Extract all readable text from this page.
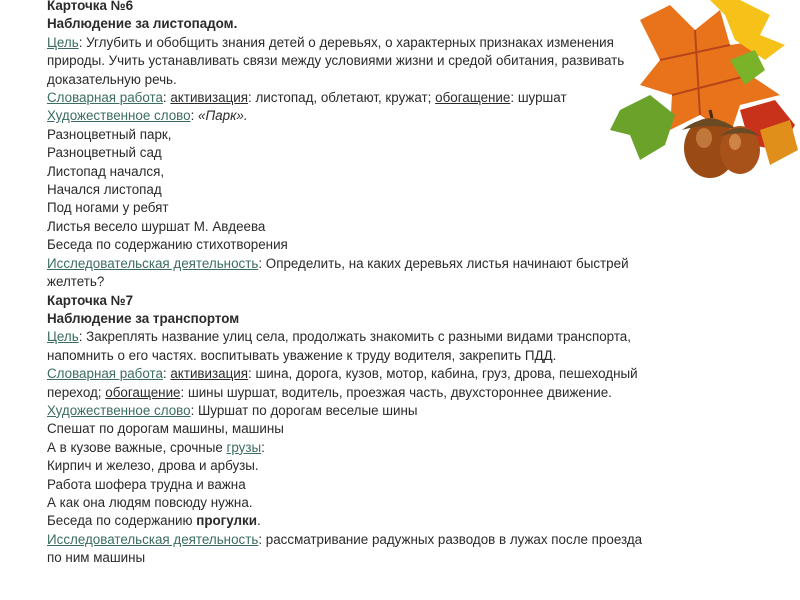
Карточка №6
Наблюдение за листопадом.
Цель: Углубить и обобщить знания детей о деревьях, о характерных признаках изменения
природы. Учить устанавливать связи между условиями жизни и средой обитания, развивать
доказательную речь.
Словарная работа: активизация: листопад, облетают, кружат; обогащение: шуршат
Художественное слово: «Парк».
Разноцветный парк,
Разноцветный сад
Листопад начался,
Начался листопад
Под ногами у ребят
Листья весело шуршат М. Авдеева
Беседа по содержанию стихотворения
Исследовательская деятельность: Определить, на каких деревьях листья начинают быстрей
желтеть?
Карточка №7
Наблюдение за транспортом
Цель: Закреплять название улиц села, продолжать знакомить с разными видами транспорта,
напомнить о его частях. воспитывать уважение к труду водителя, закрепить ПДД.
Словарная работа: активизация: шина, дорога, кузов, мотор, кабина, груз, дрова, пешеходный
переход; обогащение: шины шуршат, водитель, проезжая часть, двухстороннее движение.
Художественное слово: Шуршат по дорогам веселые шины
Спешат по дорогам машины, машины
А в кузове важные, срочные грузы:
Кирпич и железо, дрова и арбузы.
Работа шофера трудна и важна
А как она людям повсюду нужна.
Беседа по содержанию прогулки.
Исследовательская деятельность: рассматривание радужных разводов в лужах после проезда
по ним машины
